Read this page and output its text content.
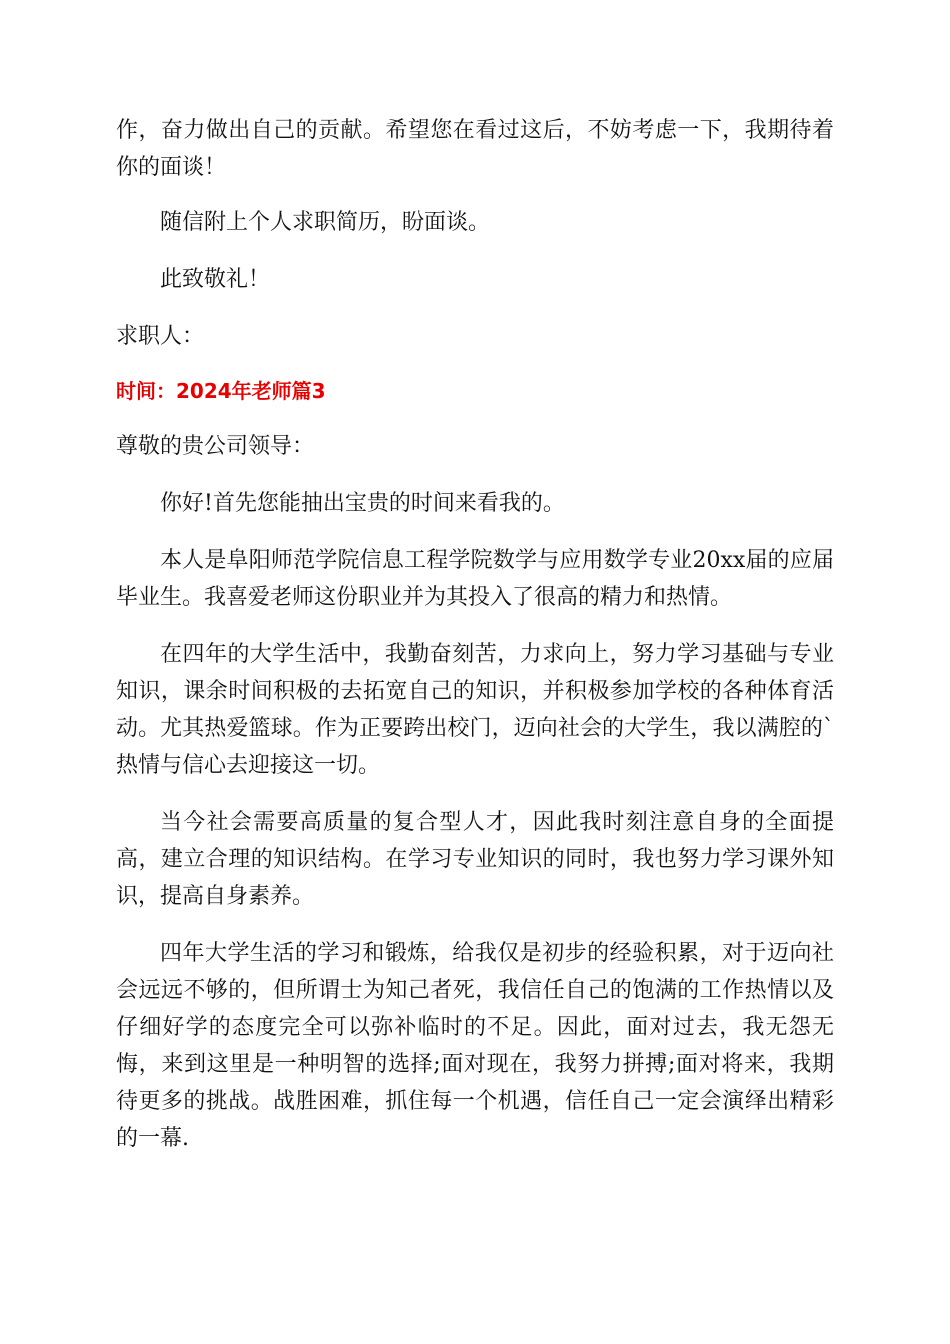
作，奋力做出自己的贡献。希望您在看过这后，不妨考虑一下，我期待着你的面谈！

随信附上个人求职简历，盼面谈。

此致敬礼！

求职人：

时间：2024年老师篇3

尊敬的贵公司领导：

你好!首先您能抽出宝贵的时间来看我的。

本人是阜阳师范学院信息工程学院数学与应用数学专业20xx届的应届毕业生。我喜爱老师这份职业并为其投入了很高的精力和热情。

在四年的大学生活中，我勤奋刻苦，力求向上，努力学习基础与专业知识，课余时间积极的去拓宽自己的知识，并积极参加学校的各种体育活动。尤其热爱篮球。作为正要跨出校门，迈向社会的大学生，我以满腔的`热情与信心去迎接这一切。

当今社会需要高质量的复合型人才，因此我时刻注意自身的全面提高，建立合理的知识结构。在学习专业知识的同时，我也努力学习课外知识，提高自身素养。

四年大学生活的学习和锻炼，给我仅是初步的经验积累，对于迈向社会远远不够的，但所谓士为知己者死，我信任自己的饱满的工作热情以及仔细好学的态度完全可以弥补临时的不足。因此，面对过去，我无怨无悔，来到这里是一种明智的选择;面对现在，我努力拼搏;面对将来，我期待更多的挑战。战胜困难，抓住每一个机遇，信任自己一定会演绎出精彩的一幕.
